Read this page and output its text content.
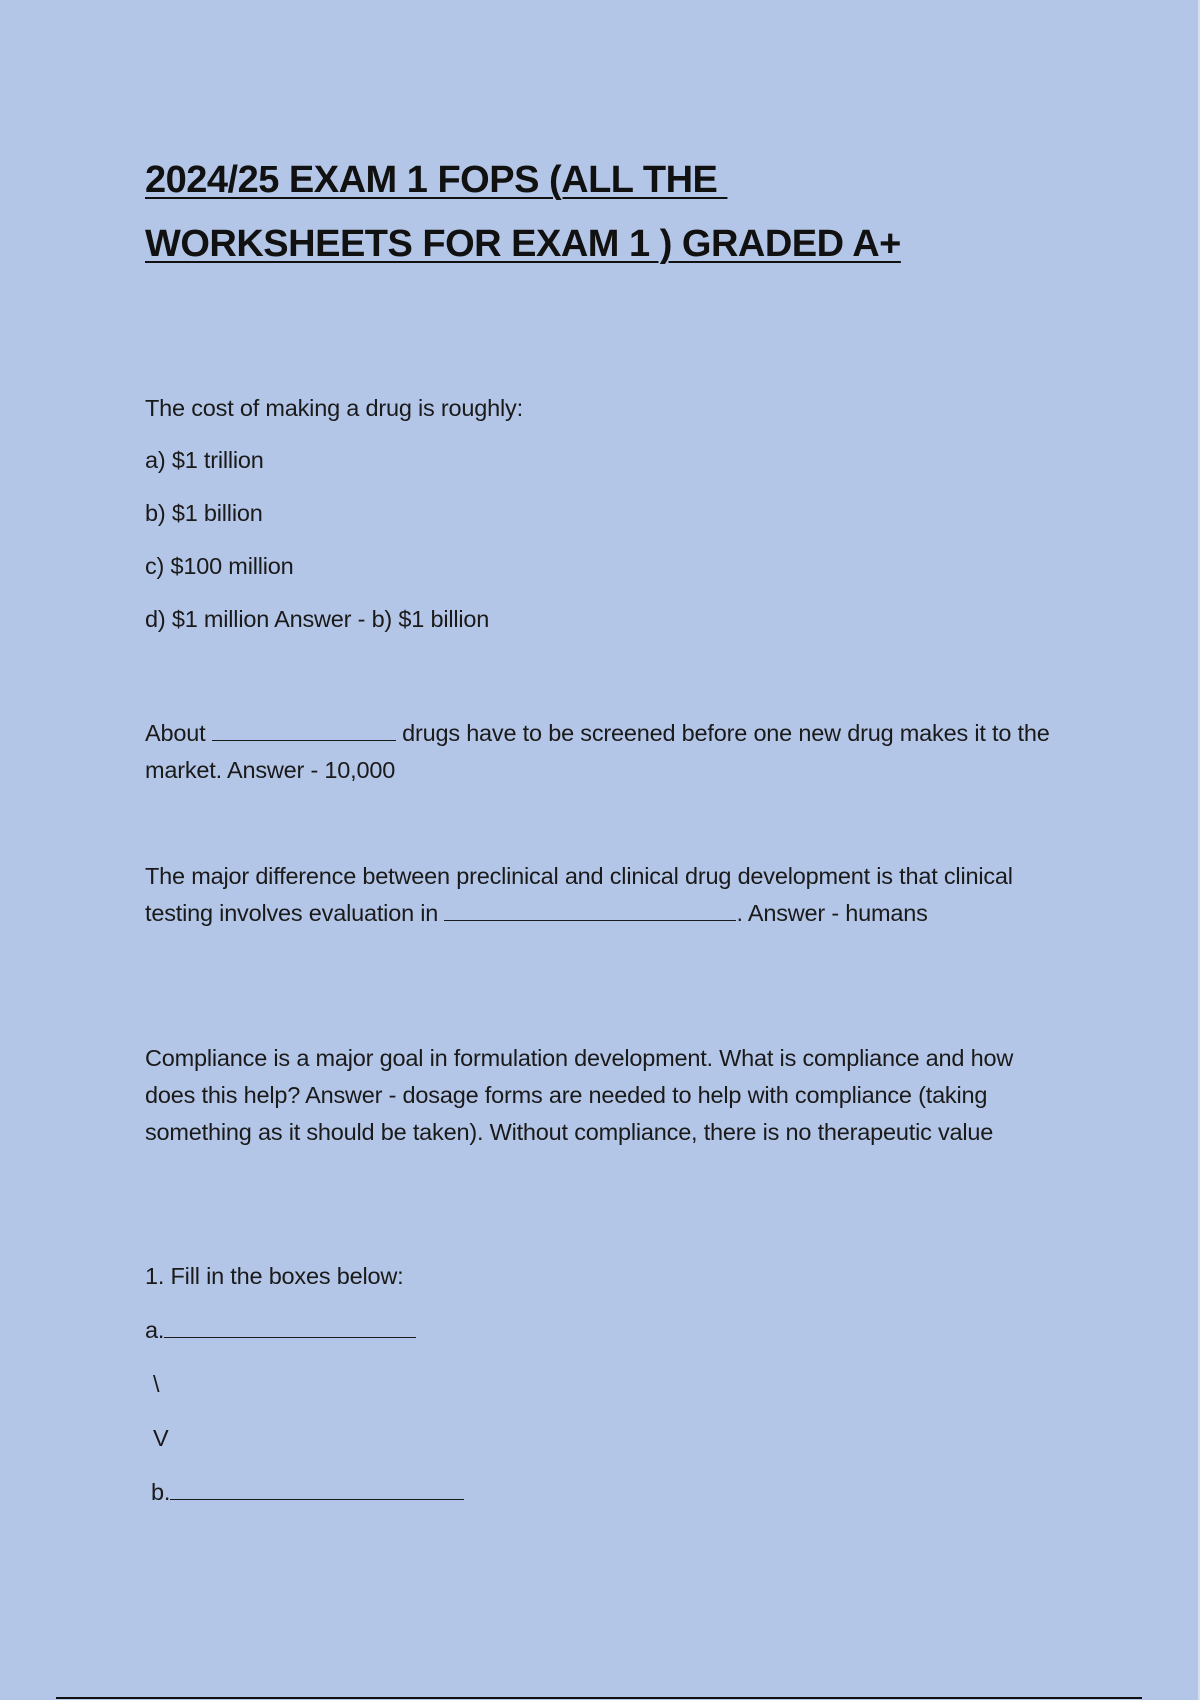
2024/25 EXAM 1 FOPS (ALL THE
WORKSHEETS FOR EXAM 1 ) GRADED A+

The cost of making a drug is roughly:

a) $1 trillion

b) $1 billion

c) $100 million

d) $1 million Answer - b) $1 billion

About	drugs have to be screened before one new drug makes it to the market. Answer - 10,000
The major difference between preclinical and clinical drug development is that clinical testing involves evaluation in	. Answer - humans
Compliance is a major goal in formulation development. What is compliance and how does this help? Answer - dosage forms are needed to help with compliance (taking something as it should be taken). Without compliance, there is no therapeutic value
1. Fill in the boxes below:
a.
\
V
b.
